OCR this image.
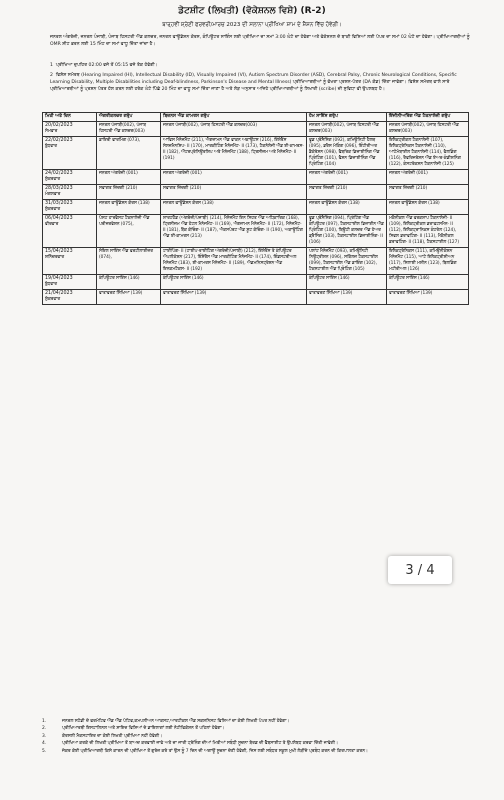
ਡੇਟਸ਼ੀਟ (ਲਿਖਤੀ) (ਵੋਕੇਸ਼ਨਲ ਵਿਸ਼ੇ) (R-2)
ਬਾਰ੍ਹਵੀਂ ਸ਼੍ਰੇਣੀ ਫਰਵਰੀ/ਮਾਰਚ 2023 ਦੀ ਸਲਾਨਾ ਪ੍ਰੀਖਿਆ ਸ਼ਾਮ ਦੇ ਸ਼ੈਸ਼ਨ ਵਿੱਚ ਹੋਵੇਗੀ।
ਜਨਰਲ ਅੰਗਰੇਜ਼ੀ, ਜਨਰਲ ਪੰਜਾਬੀ, ਪੰਜਾਬ ਹਿਸਟਰੀ ਐਂਡ ਕਲਚਰ, ਜਨਰਲ ਫਾਊਂਡੇਸ਼ਨ ਕੋਰਸ, ਕੰਪਿਊਟਰ ਸਾਇੰਸ ਲਈ ਪ੍ਰੀਖਿਆ ਦਾ ਸਮਾਂ 3:00 ਘੰਟੇ ਦਾ ਹੋਵੇਗਾ ਅਤੇ ਵੋਕੇਸ਼ਨਲ ਦੇ ਬਾਕੀ ਵਿਸ਼ਿਆਂ ਲਈ ਪੇਪਰ ਦਾ ਸਮਾਂ 02 ਘੰਟੇ ਦਾ ਹੋਵੇਗਾ। ਪ੍ਰੀਖਿਆਰਥੀਆਂ ਨੂੰ OMR ਸ਼ੀਟ ਭਰਨ ਲਈ 15 ਮਿੰਟ ਦਾ ਸਮਾਂ ਵਾਧੂ ਦਿੱਤਾ ਜਾਂਦਾ ਹੈ।
1 ਪ੍ਰੀਖਿਆ ਦੁਪਹਿਰ 02:00 ਵਜੇ ਤੋਂ 05:15 ਵਜੇ ਤੱਕ ਹੋਵੇਗੀ।
2 ਵਿਸ਼ੇਸ਼ ਸਮੱਰਥ (Hearing Impaired (HI), Intellectual Disability (ID), Visually Impaired (VI), Autism Spectrum Disorder (ASD), Cerebral Palsy, Chronic Neurological Conditions, Specific Learning Disability, Multiple Disabilities including Deaf-blindness, Parkinson's Disease and Mental Illness) ਪ੍ਰੀਖਿਆਰਥੀਆਂ ਨੂੰ ਵੱਖਰਾ ਪ੍ਰਸ਼ਨ-ਪੱਤਰ (DA ਕੋਡ) ਦਿੱਤਾ ਜਾਵੇਗਾ। ਵਿਸ਼ੇਸ਼ ਸਮੱਰਥ ਵਾਲੇ ਸਾਰੇ ਪ੍ਰੀਖਿਆਰਥੀਆਂ ਨੂੰ ਪ੍ਰਸ਼ਨ ਪੱਤਰ ਹੱਲ ਕਰਨ ਲਈ ਹਰੇਕ ਘੰਟੇ ਪਿੱਛੇ 20 ਮਿੰਟ ਦਾ ਵਾਧੂ ਸਮਾਂ ਦਿੱਤਾ ਜਾਣਾ ਹੈ ਅਤੇ ਲੋੜ ਅਨੁਸਾਰ ਅਜਿਹੇ ਪ੍ਰੀਖਿਆਰਥੀਆਂ ਨੂੰ ਲਿਖਾਰੀ (scribe) ਦੀ ਸੁਵਿਧਾ ਵੀ ਉਪਲਬਧ ਹੈ।
ਮਿਤੀ ਅਤੇ ਦਿਨ	ਐਗਰੀਕਲਚਰ ਗਰੁੱਪ	ਬਿਜ਼ਨਸ ਐਂਡ ਕਾਮਰਸ ਗਰੁੱਪ	ਹੋਮ ਸਾਇੰਸ ਗਰੁੱਪ	ਇੰਜੀਨੀਅਰਿੰਗ ਐਂਡ ਟੈਕਨਾਲੋਜੀ ਗਰੁੱਪ

20/02/2023
ਸੋਮਵਾਰ	ਜਨਰਲ ਪੰਜਾਬੀ(002), ਪੰਜਾਬ ਹਿਸਟਰੀ ਐਂਡ ਕਲਚਰ(003)	ਜਨਰਲ ਪੰਜਾਬੀ(002), ਪੰਜਾਬ ਹਿਸਟਰੀ ਐਂਡ ਕਲਚਰ(003)	ਜਨਰਲ ਪੰਜਾਬੀ(002), ਪੰਜਾਬ ਹਿਸਟਰੀ ਐਂਡ ਕਲਚਰ(003)	ਜਨਰਲ ਪੰਜਾਬੀ(002), ਪੰਜਾਬ ਹਿਸਟਰੀ ਐਂਡ ਕਲਚਰ(003)

22/02/2023
ਬੁੱਧਵਾਰ	ਡਾਇਰੀ ਫਾਰਮਿੰਗ (073),	ਆਫਿਸ ਮੈਨੇਜਮੈਂਟ (211), ਐਗਜ਼ਾਮਨ ਐਂਡ ਵਾਕਨ ਅਕਾਊਂਟਸ (216), ਇੰਸ਼ੋਰੈਂਸ ਸੇਲਜ਼ਮੈਨਸ਼ਿਪ- II (170), ਮਾਰਕੀਟਿੰਗ ਮੈਨੇਜਮੈਂਟ- II (173), ਟੈਕਨੋਲੋਜੀ ਐਂਡ ਈ-ਕਾਮਰਸ- II (182), ਐਂਟਰਪ੍ਰੇਨਿਊਰਸ਼ਿਪ ਅਤੇ ਮੈਨੇਜਮੈਂਟ (188), ਟ੍ਰਿਸੀਜ਼ਮ ਅਤੇ ਮੈਨੇਜਮੈਂਟ- II (191)	ਫੂਡ ਪ੍ਰੋਸੈਸਿੰਗ (092), ਕਮਿਊਨਿਟੀ ਹੈਲਥ (095), ਡਰੈਸ ਮੇਕਿੰਗ (096), ਇੰਟੀਰੀਅਰ ਡੈਕੋਰੇਸ਼ਨ (098), ਫੈਬਰਿਕ ਡਿਜ਼ਾਈਨਿੰਗ ਐਂਡ ਪ੍ਰਿੰਟਿੰਗ (101), ਫੈਸ਼ਨ ਡਿਜ਼ਾਈਨਿੰਗ ਐਂਡ ਪ੍ਰਿੰਟਿੰਗ (104)	ਇਲੈਕਟ੍ਰੀਕਲ ਟੈਕਨਾਲੋਜੀ (107), ਇਲੈਕਟ੍ਰੋਨਿਕਸ ਟੈਕਨਾਲੋਜੀ (110), ਆਟੋਮੋਬਾਈਲ ਟੈਕਨਾਲੋਜੀ (114), ਵੈਲਡਿੰਗ (116), ਰੈਫਰਿਜਰੇਸ਼ਨ ਐਂਡ ਏਅਰ-ਕੰਡੀਸ਼ਨਿੰਗ (122), ਕੰਸਟਰੱਕਸ਼ਨ ਟੈਕਨਾਲੋਜੀ (125)

24/02/2023
ਸ਼ੁੱਕਰਵਾਰ	ਜਨਰਲ ਅੰਗਰੇਜ਼ੀ (001)	ਜਨਰਲ ਅੰਗਰੇਜ਼ੀ (001)	ਜਨਰਲ ਅੰਗਰੇਜ਼ੀ (001)	ਜਨਰਲ ਅੰਗਰੇਜ਼ੀ (001)

28/03/2023
ਮੰਗਲਵਾਰ	ਸਵਾਗਤ ਜ਼ਿੰਦਗੀ (210)	ਸਵਾਗਤ ਜ਼ਿੰਦਗੀ (210)	ਸਵਾਗਤ ਜ਼ਿੰਦਗੀ (210)	ਸਵਾਗਤ ਜ਼ਿੰਦਗੀ (210)

31/03/2023
ਸ਼ੁੱਕਰਵਾਰ	ਜਨਰਲ ਫਾਊਂਡੇਸ਼ਨ ਕੋਰਸ (138)	ਜਨਰਲ ਫਾਊਂਡੇਸ਼ਨ ਕੋਰਸ (138)	ਜਨਰਲ ਫਾਊਂਡੇਸ਼ਨ ਕੋਰਸ (138)	ਜਨਰਲ ਫਾਊਂਡੇਸ਼ਨ ਕੋਰਸ (138)

06/04/2023
ਵੀਰਵਾਰ	ਪੋਸਟ ਹਾਰਵੈਸਟ ਟੈਕਨਾਲੋਜੀ ਐਂਡ ਪਰੀਜ਼ਰਵੇਸ਼ਨ (075),	ਸ਼ਾਰਟਹੈਂਡ (ਅੰਗਰੇਜ਼ੀ/ਪੰਜਾਬੀ) (214), ਮੈਨੇਜਮੈਂਟ ਇਨ ਸਿਹਤ ਐਂਡ ਅਧਿਕਾਰਿਕ (168), ਟ੍ਰਿਸੀਜ਼ਮ ਐਂਡ ਹੋਟਲ ਮੈਨੇਜਮੈਂਟ- II (169), ਐਗਜ਼ਾਮਨ ਮੈਨੇਜਮੈਂਟ- II (172), ਮੈਨੇਜਮੈਂਟ- II (181), ਬੈਂਕ ਕੋਚਿੰਗ- II (187), ਐਕਸਪੋਰਟ ਐਂਡ ਸ਼ੂਟ ਕੋਚਿੰਗ- II (190), ਅਕਾਊਂਟਿੰਗ ਐਂਡ ਈ-ਕਾਮਰਸ (213)	ਫੂਡ ਪ੍ਰੋਸੈਸਿੰਗ (094), ਪ੍ਰਿੰਟਿੰਗ ਐਂਡ ਕੰਪਿਊਟਰ (097), ਟੈਕਸਟਾਈਲ ਡਿਜ਼ਾਈਨ ਐਂਡ ਪ੍ਰਿੰਟਿੰਗ (100), ਬਿਊਟੀ ਕਲਚਰ ਐਂਡ ਹੇਅਰ ਡ੍ਰੈਸਿੰਗ (103), ਟੈਕਸਟਾਈਲ ਡਿਜ਼ਾਈਨਿੰਗ- II (106)	ਮਕੈਨੀਕਲ ਐਂਡ ਵਰਕਸ਼ਾਪ ਟੈਕਨਾਲੋਜੀ- II (109), ਇਲੈਕਟ੍ਰੀਕਲ ਡਰਾਫਟਸਮੈਨ- II (112), ਇਲੈਕਟ੍ਰਾਨਿਕਸ ਕੰਟਰੋਲ (124), ਸਿਵਲ ਡਰਾਫਟਿੰਗ- II (113), ਮੈਕੈਨੀਕਲ ਡਰਾਫਟਿੰਗ- II (118), ਟੈਕਸਟਾਈਲ (127)

15/04/2023
ਸ਼ਨਿੱਚਰਵਾਰ	ਸੋਇਲ ਸਾਇੰਸ ਐਂਡ ਫਰਟੀਲਾਈਜ਼ਰ (074),	ਟਾਈਪਿੰਗ- II (ਟਾਈਪ-ਰਾਈਟਿੰਗ ਅੰਗਰੇਜ਼ੀ/ਪੰਜਾਬੀ) (212), ਇੰਸ਼ੋਰੈਂਸ ਤੇ ਕੰਪਿਊਟਰ ਐਪਲੀਕੇਸ਼ਨ (217), ਇੰਸ਼ੋਰੈਂਸ ਐਂਡ ਮਾਰਕੀਟਿੰਗ ਮੈਨੇਜਮੈਂਟ- II (174), ਇੰਡਸਟਰੀਅਲ ਮੈਨੇਜਮੈਂਟ (183), ਈ-ਕਾਮਰਸ ਮੈਨੇਜਮੈਂਟ- II (189), ਐਡਮਨਿਸਟ੍ਰੇਸ਼ਨ ਐਂਡ ਇਨਕਮਟੈਕਸ- II (192)	ਪਲਾਂਟ ਮੈਨੇਜਮੈਂਟ (093), ਕਮਿਊਨਿਟੀ ਨਿਊਟ੍ਰੀਸ਼ਨ (096), ਸਕਿੱਲਜ਼ ਟੈਕਸਟਾਈਲ (099), ਟੈਕਸਟਾਈਲ ਐਂਡ ਡਾਇੰਗ (102), ਟੈਕਸਟਾਈਲ ਐਂਡ ਪ੍ਰਿੰਟਿੰਗ (105)	ਇਲੈਕਟ੍ਰੋਨਿਕਸ (111), ਕਮਿਊਨੀਕੇਸ਼ਨ ਮੈਨੇਜਮੈਂਟ (115), ਆਟੋ ਇਲੈਕਟ੍ਰੀਸ਼ੀਅਨ (117), ਸਿਲਾਈ ਮਸ਼ੀਨ (123), ਬਿਲਡਿੰਗ ਮਟੀਰੀਅਲ (126)

19/04/2023
ਬੁੱਧਵਾਰ	ਕੰਪਿਊਟਰ ਸਾਇੰਸ (146)	ਕੰਪਿਊਟਰ ਸਾਇੰਸ (146)	ਕੰਪਿਊਟਰ ਸਾਇੰਸ (146)	ਕੰਪਿਊਟਰ ਸਾਇੰਸ (146)

21/04/2023
ਸ਼ੁੱਕਰਵਾਰ	ਵਾਤਾਵਰਣ ਸਿੱਖਿਆ (139)	ਵਾਤਾਵਰਣ ਸਿੱਖਿਆ (139)	ਵਾਤਾਵਰਣ ਸਿੱਖਿਆ (139)	ਵਾਤਾਵਰਣ ਸਿੱਖਿਆ (139)
1.	ਜਨਰਲ ਸਟੱਡੀ ਦੇ ਫਰਮੇਟਿਵ ਐਂਡ ਐੱਡ ਪੇਟਿਵ,ਕਮਪਲੀਅਨ ਆਕਸਟ,ਆਰਟੀਕਲ ਐਂਡ ਸਕਸ਼ਨਿਸਟ ਵਿਸ਼ਿਆਂ ਦਾ ਕੋਈ ਲਿਖਤੀ ਪੇਪਰ ਨਹੀਂ ਹੋਵੇਗਾ।
2.	ਪ੍ਰੀਖਿਆਰਥੀ ਇਸਟਾਲਿਨਲ ਅਤੇ ਸ਼ਾਇਦ ਵਿਸ਼ਿਆਂ ਦੇ ਡਾਇਲਾਗਾਂ ਲਈ ਨੋਟੀਫਿਕੇਸ਼ਨ ਤੋਂ ਪਹਿਲਾਂ ਹੋਵੇਗਾ।
3.	ਕੋਰਸਲੀ ਮੈਕਸਟਾਇਰ ਦਾ ਕੋਈ ਲਿਖਤੀ ਪ੍ਰੀਖਿਆ ਨਹੀਂ ਹੋਵੇਗੀ।
4.	ਪ੍ਰੀਖਿਆ ਕਰਕੇ ਦੀ ਲਿਖਤੀ ਪ੍ਰੀਖਿਆ ਤੋਂ ਬਾਅਦ ਕਰਵਾਈ ਜਾਵੇ ਅਤੇ ਦਾ ਜਾਰੀ ਟ੍ਰੇਨਿੰਗ ਦੀਆਂ ਮਿਤੀਆਂ ਸਬੰਧੀ ਸੂਚਨਾ ਬੋਰਡ ਦੀ ਵੈੱਬਸਾਈਟ ਤੇ ਉਪਲੱਬਧ ਕਰਵਾ ਦਿੱਤੀ ਜਾਵੇਗੀ।
5.	ਜੇਕਰ ਕੋਈ ਪ੍ਰੀਖਿਆਰਥੀ ਕਿਸੇ ਕਾਰਨ ਦੀ ਪ੍ਰੀਖਿਆ ਤੋਂ ਗੁਰੇਜ਼ ਕਰੇ ਤਾਂ ਉਸ ਨੂੰ 7 ਦਿਨ ਦੀ ਅਗਾਊਂ ਸੂਚਨਾ ਦੇਣੀ ਹੋਵੇਗੀ, ਜਿਸ ਲਈ ਸਬੰਧਤ ਸਕੂਲ ਮੁਖੀ ਲੋੜੀਂਦੇ ਪ੍ਰਬੰਧ ਕਰਨ ਦੀ ਕਿਰਪਾਲਤਾ ਕਰਨ।
3 / 4
